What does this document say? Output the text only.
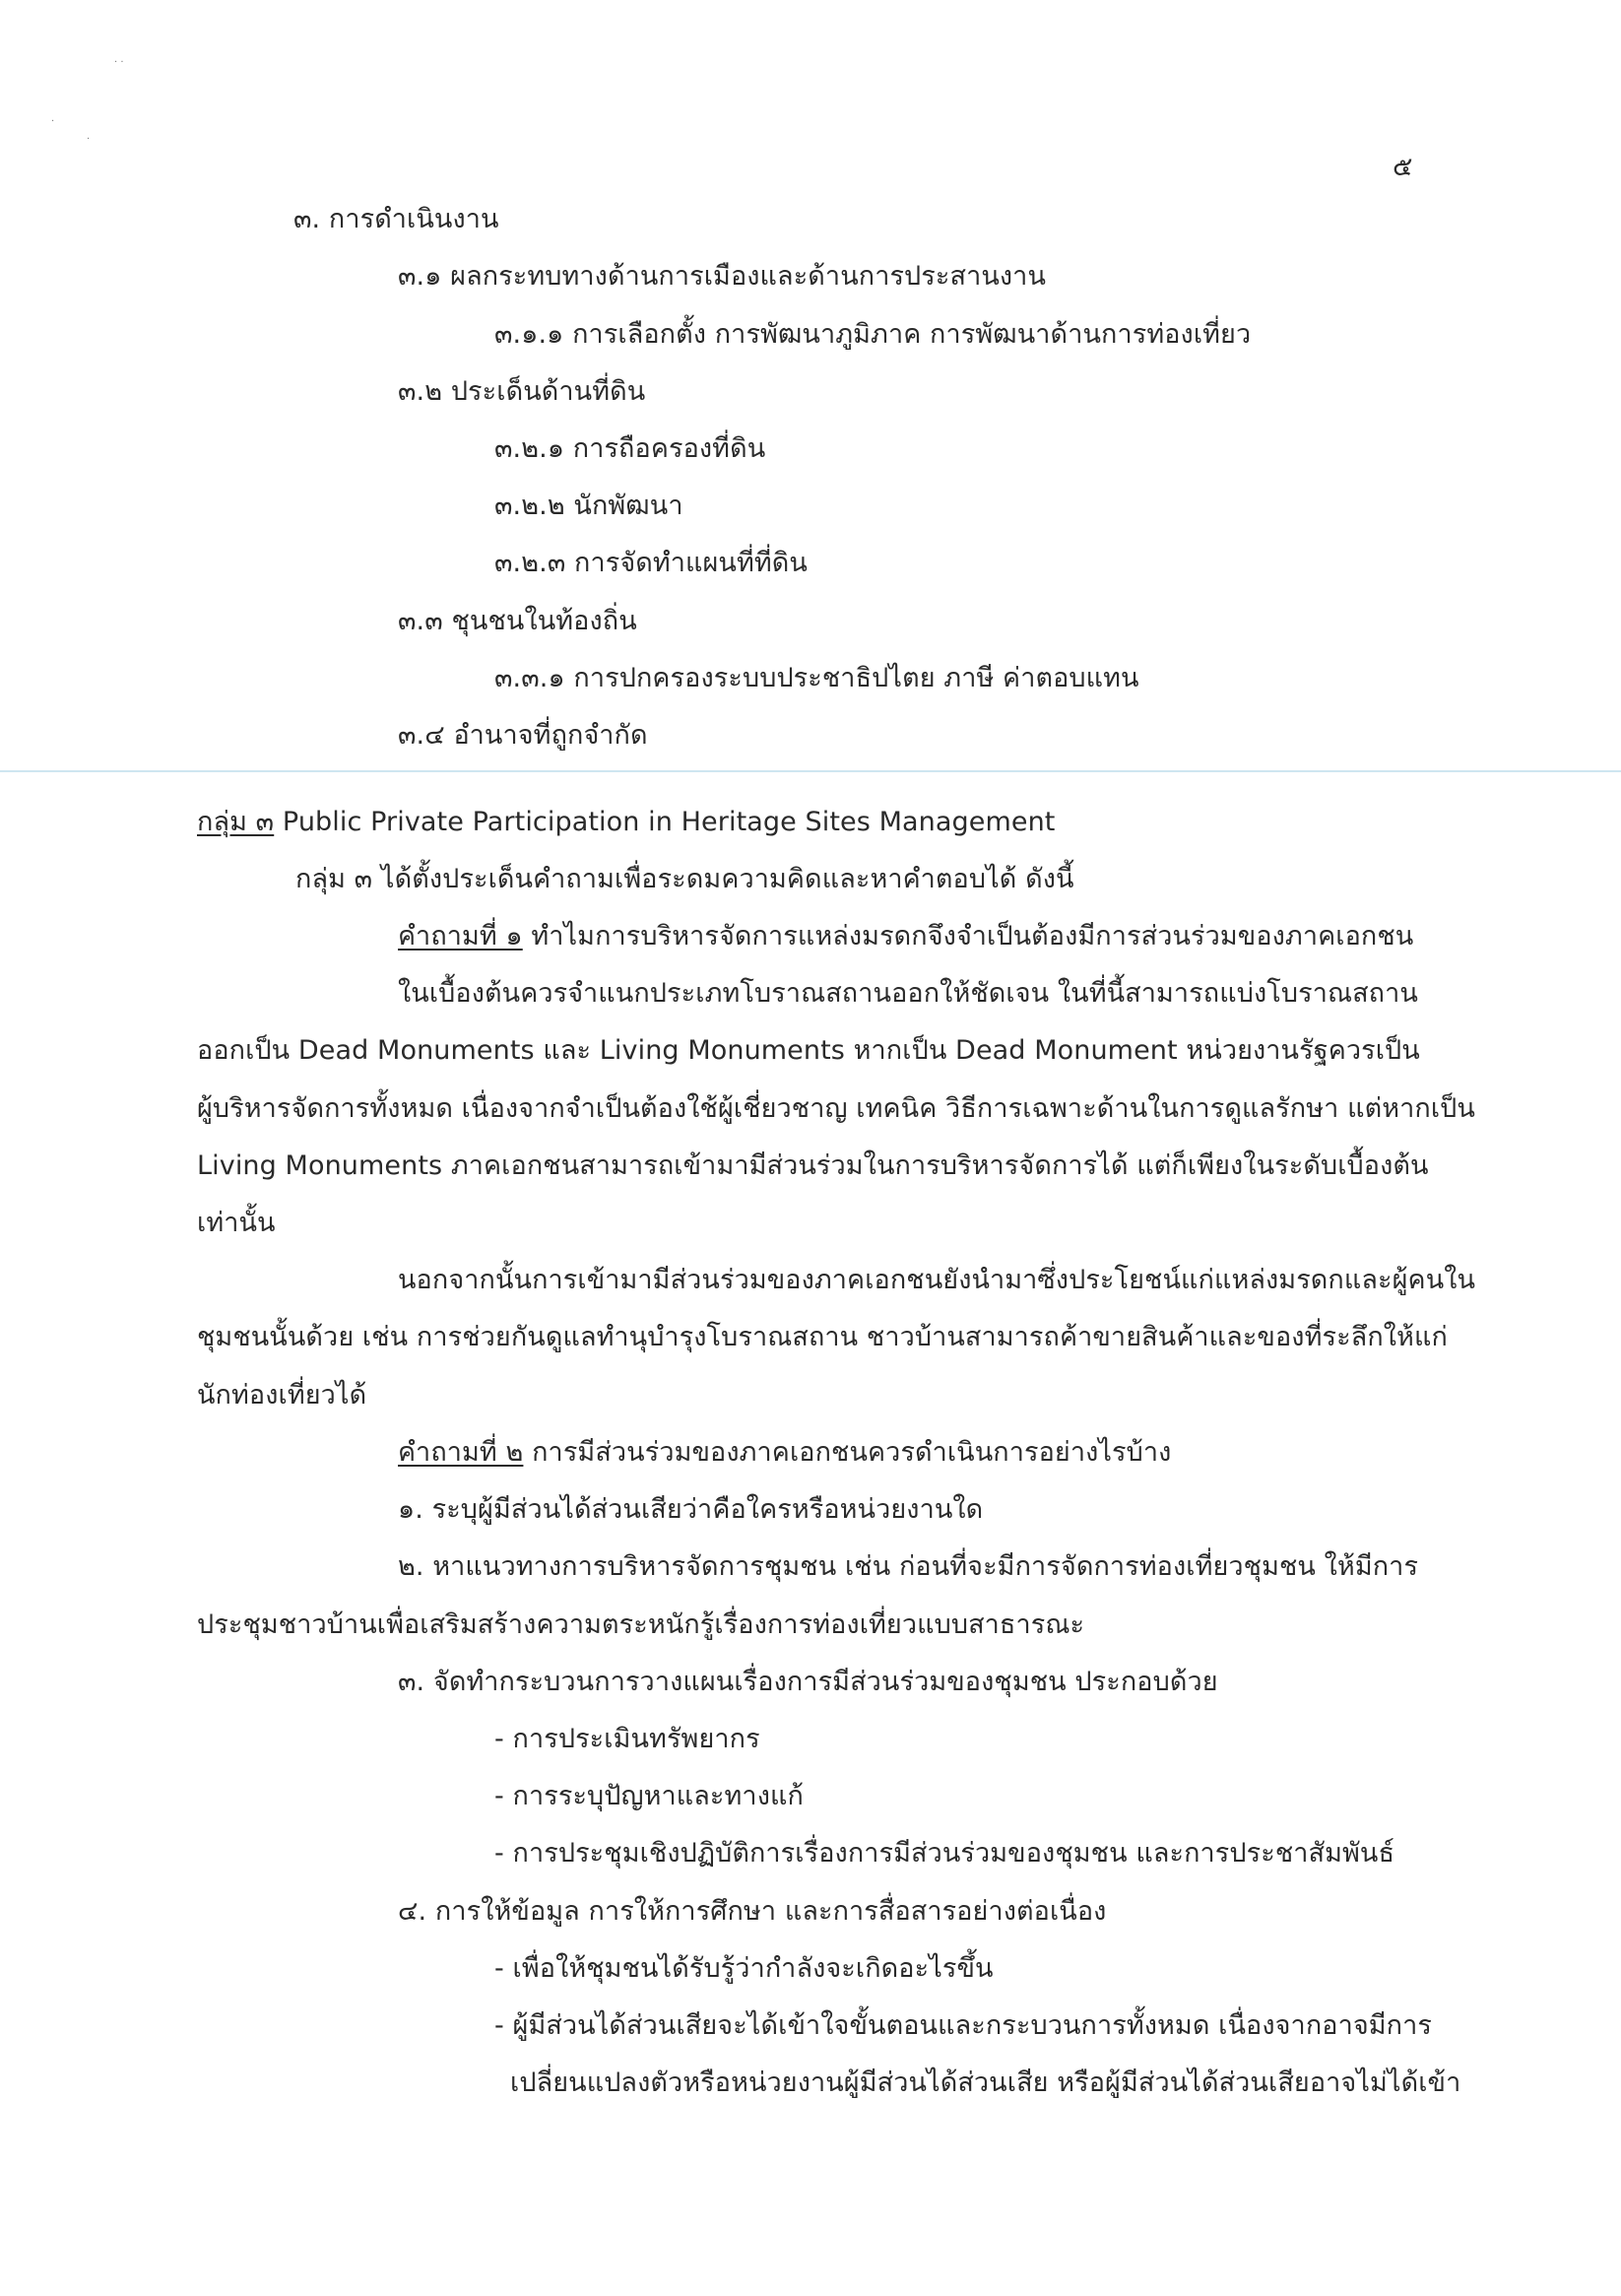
· ·
·
·
๕
๓. การดำเนินงาน
๓.๑ ผลกระทบทางด้านการเมืองและด้านการประสานงาน
๓.๑.๑ การเลือกตั้ง การพัฒนาภูมิภาค การพัฒนาด้านการท่องเที่ยว
๓.๒ ประเด็นด้านที่ดิน
๓.๒.๑ การถือครองที่ดิน
๓.๒.๒ นักพัฒนา
๓.๒.๓ การจัดทำแผนที่ที่ดิน
๓.๓ ชุนชนในท้องถิ่น
๓.๓.๑ การปกครองระบบประชาธิปไตย ภาษี ค่าตอบแทน
๓.๔ อำนาจที่ถูกจำกัด
กลุ่ม ๓ Public Private Participation in Heritage Sites Management
กลุ่ม ๓ ได้ตั้งประเด็นคำถามเพื่อระดมความคิดและหาคำตอบได้ ดังนี้
คำถามที่ ๑ ทำไมการบริหารจัดการแหล่งมรดกจึงจำเป็นต้องมีการส่วนร่วมของภาคเอกชน
ในเบื้องต้นควรจำแนกประเภทโบราณสถานออกให้ชัดเจน ในที่นี้สามารถแบ่งโบราณสถาน
ออกเป็น Dead Monuments และ Living Monuments หากเป็น Dead Monument หน่วยงานรัฐควรเป็น
ผู้บริหารจัดการทั้งหมด เนื่องจากจำเป็นต้องใช้ผู้เชี่ยวชาญ เทคนิค วิธีการเฉพาะด้านในการดูแลรักษา แต่หากเป็น
Living Monuments ภาคเอกชนสามารถเข้ามามีส่วนร่วมในการบริหารจัดการได้ แต่ก็เพียงในระดับเบื้องต้น
เท่านั้น
นอกจากนั้นการเข้ามามีส่วนร่วมของภาคเอกชนยังนำมาซึ่งประโยชน์แก่แหล่งมรดกและผู้คนใน
ชุมชนนั้นด้วย เช่น การช่วยกันดูแลทำนุบำรุงโบราณสถาน ชาวบ้านสามารถค้าขายสินค้าและของที่ระลึกให้แก่
นักท่องเที่ยวได้
คำถามที่ ๒ การมีส่วนร่วมของภาคเอกชนควรดำเนินการอย่างไรบ้าง
๑. ระบุผู้มีส่วนได้ส่วนเสียว่าคือใครหรือหน่วยงานใด
๒. หาแนวทางการบริหารจัดการชุมชน เช่น ก่อนที่จะมีการจัดการท่องเที่ยวชุมชน ให้มีการ
ประชุมชาวบ้านเพื่อเสริมสร้างความตระหนักรู้เรื่องการท่องเที่ยวแบบสาธารณะ
๓. จัดทำกระบวนการวางแผนเรื่องการมีส่วนร่วมของชุมชน ประกอบด้วย
- การประเมินทรัพยากร
- การระบุปัญหาและทางแก้
- การประชุมเชิงปฏิบัติการเรื่องการมีส่วนร่วมของชุมชน และการประชาสัมพันธ์
๔. การให้ข้อมูล การให้การศึกษา และการสื่อสารอย่างต่อเนื่อง
- เพื่อให้ชุมชนได้รับรู้ว่ากำลังจะเกิดอะไรขึ้น
- ผู้มีส่วนได้ส่วนเสียจะได้เข้าใจขั้นตอนและกระบวนการทั้งหมด เนื่องจากอาจมีการ
เปลี่ยนแปลงตัวหรือหน่วยงานผู้มีส่วนได้ส่วนเสีย หรือผู้มีส่วนได้ส่วนเสียอาจไม่ได้เข้า
